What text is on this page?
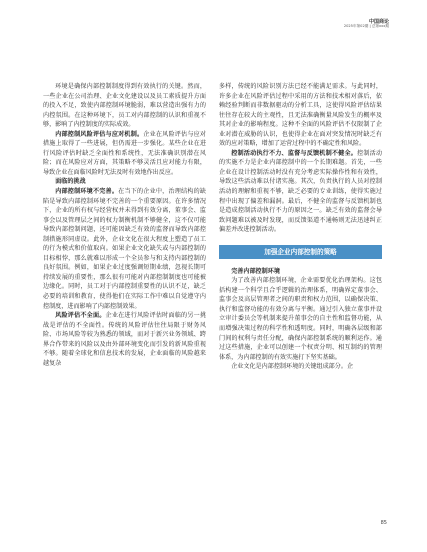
中国商论
2025年第02期 | 总第xxx期

环境是确保内部控制制度得到有效执行的关键。然而，一些企业在公司治理、企业文化建设以及员工素质提升方面的投入不足，致使内部控制环境脆弱，难以营造出强有力的内控氛围。在这种环境下，员工对内部控制的认识和重视不够，影响了内控制度的实际成效。

内部控制风险评估与应对机制。企业在风险评估与应对措施上取得了一些进展，但仍需进一步强化。某些企业在进行风险评估时缺乏全面性和系统性，无法准确识别潜在风险；而在风险应对方面，其策略不够灵活且应对能力有限，导致企业在面临风险时无法及时有效地作出反应。

面临的挑战

内部控制环境不完善。在当下的企业中，治理结构的缺陷是导致内部控制环境不完善的一个重要原因。在许多情况下，企业的所有权与经营权并未得到有效分离，董事会、监事会以及管理层之间的权力制衡机制不够健全，这不仅可能导致内部控制问题，还可能因缺乏有效的监督而导致内部控制措施形同虚设。此外，企业文化在很大程度上塑造了员工的行为模式和价值取向。如果企业文化缺失或与内部控制的目标相悖，那么就难以形成一个全员参与和支持内部控制的良好氛围。例如，如果企业过度强调短期业绩，忽视长期可持续发展的重要性，那么很有可能对内部控制制度也可能被边缘化。同时，员工对于内部控制重要性的认识不足，缺乏必要的培训和教育，使得他们在实际工作中难以自觉遵守内控制度，进而影响了内部控制效果。

风险评估不全面。企业在进行风险评估时面临的另一挑战是评估的不全面性。传统的风险评估往往局限于财务风险、市场风险等较为熟悉的领域，而对于新兴业务领域、跨界合作带来的风险以及由外部环境变化而引发的新风险重视不够。随着全球化和信息技术的发展，企业面临的风险越来越复杂

多样，传统的风险识别方法已经不能满足需求。与此同时，许多企业在风险评估过程中采用的方法和技术相对落后，依赖经验判断而非数据驱动的分析工具，这使得风险评估结果往往存在较大的主观性，且无法准确衡量风险发生的概率及其对企业的影响程度。这种不全面的风险评估不仅限制了企业对潜在威胁的认识，也使得企业在面对突发情况时缺乏有效的应对策略，增加了运营过程中的不确定性和风险。

控制活动执行不力、监督与反馈机制不健全。控制活动的实施不力是企业内部控制中的一个长期难题。首先，一些企业在设计控制活动时没有充分考虑实际操作性和有效性，导致这些活动难以付诸实施。其次，负责执行的人员对控制活动的理解和重视不够，缺乏必要的专业训练，使得实施过程中出现了偏差和漏洞。最后，不健全的监督与反馈机制也是造成控制活动执行不力的原因之一。缺乏有效的监督会导致问题难以被及时发现，而反馈渠道不通畅则无法迅速纠正偏差并改进控制活动。

加强企业内部控制的策略
完善内部控制环境

为了改善内部控制环境，企业需要优化治理架构。这包括构建一个科学且合乎逻辑的治理体系，明确界定董事会、监事会及高层管理者之间的职责和权力范围，以确保决策、执行和监督功能的有效分离与平衡。通过引入独立董事并设立审计委员会等机制来提升董事会的自主性和监督功能，从而增强决策过程的科学性和透明度。同时，明确各层级和部门间的权利与责任分配，确保内部控制系统的顺利运作。通过这些措施，企业可以创建一个权责分明、相互制约的管理体系，为内部控制的有效实施打下坚实基础。

企业文化是内部控制环境的关键组成部分。企

85
